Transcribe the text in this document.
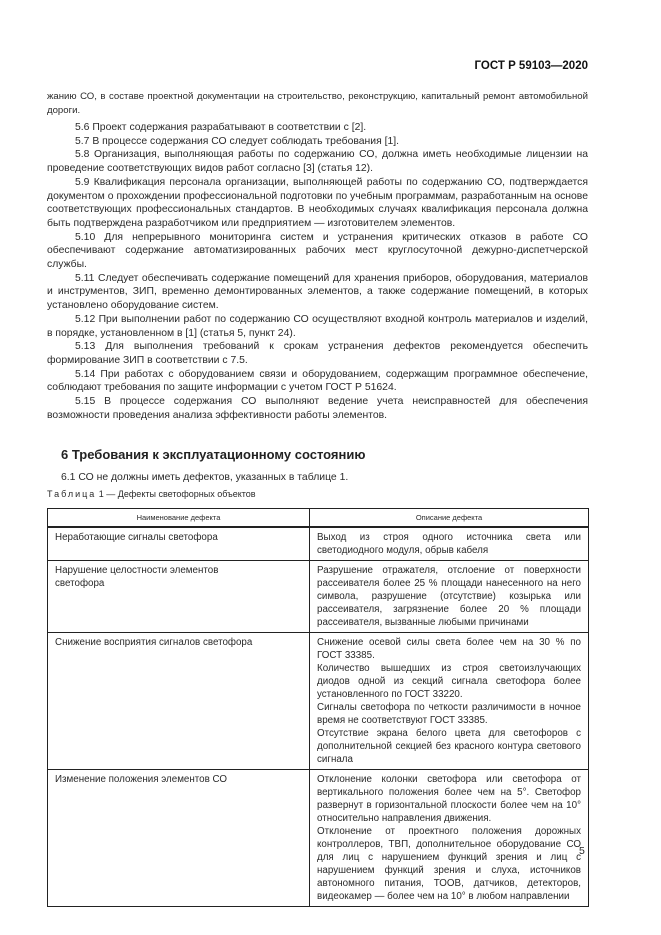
ГОСТ Р 59103—2020

жанию СО, в составе проектной документации на строительство, реконструкцию, капитальный ремонт автомобильной дороги.

5.6 Проект содержания разрабатывают в соответствии с [2].

5.7 В процессе содержания СО следует соблюдать требования [1].

5.8 Организация, выполняющая работы по содержанию СО, должна иметь необходимые лицензии на проведение соответствующих видов работ согласно [3] (статья 12).

5.9 Квалификация персонала организации, выполняющей работы по содержанию СО, подтверждается документом о прохождении профессиональной подготовки по учебным программам, разработанным на основе соответствующих профессиональных стандартов. В необходимых случаях квалификация персонала должна быть подтверждена разработчиком или предприятием — изготовителем элементов.

5.10 Для непрерывного мониторинга систем и устранения критических отказов в работе СО обеспечивают содержание автоматизированных рабочих мест круглосуточной дежурно-диспетчерской службы.

5.11 Следует обеспечивать содержание помещений для хранения приборов, оборудования, материалов и инструментов, ЗИП, временно демонтированных элементов, а также содержание помещений, в которых установлено оборудование систем.

5.12 При выполнении работ по содержанию СО осуществляют входной контроль материалов и изделий, в порядке, установленном в [1] (статья 5, пункт 24).

5.13 Для выполнения требований к срокам устранения дефектов рекомендуется обеспечить формирование ЗИП в соответствии с 7.5.

5.14 При работах с оборудованием связи и оборудованием, содержащим программное обеспечение, соблюдают требования по защите информации с учетом ГОСТ Р 51624.

5.15 В процессе содержания СО выполняют ведение учета неисправностей для обеспечения возможности проведения анализа эффективности работы элементов.

6 Требования к эксплуатационному состоянию
6.1 СО не должны иметь дефектов, указанных в таблице 1.
Таблица 1 — Дефекты светофорных объектов
Наименование дефекта	Описание дефекта
Неработающие сигналы светофора	Выход из строя одного источника света или светодиодного модуля, обрыв кабеля

Нарушение целостности элементов светофора	Разрушение отражателя, отслоение от поверхности рассеивателя более 25 % площади нанесенного на него символа, разрушение (отсутствие) козырька или рассеивателя, загрязнение более 20 % площади рассеивателя, вызванные любыми причинами

Снижение восприятия сигналов светофора	Снижение осевой силы света более чем на 30 % по ГОСТ 33385.
Количество вышедших из строя светоизлучающих диодов одной из секций сигнала светофора более установленного по ГОСТ 33220.
Сигналы светофора по четкости различимости в ночное время не соответствуют ГОСТ 33385.
Отсутствие экрана белого цвета для светофоров с дополнительной секцией без красного контура светового сигнала

Изменение положения элементов СО	Отклонение колонки светофора или светофора от вертикального положения более чем на 5°. Светофор развернут в горизонтальной плоскости более чем на 10° относительно направления движения.
Отклонение от проектного положения дорожных контроллеров, ТВП, дополнительное оборудование СО для лиц с нарушением функций зрения и лиц с нарушением функций зрения и слуха, источников автономного питания, ТООВ, датчиков, детекторов, видеокамер — более чем на 10° в любом направлении
5
